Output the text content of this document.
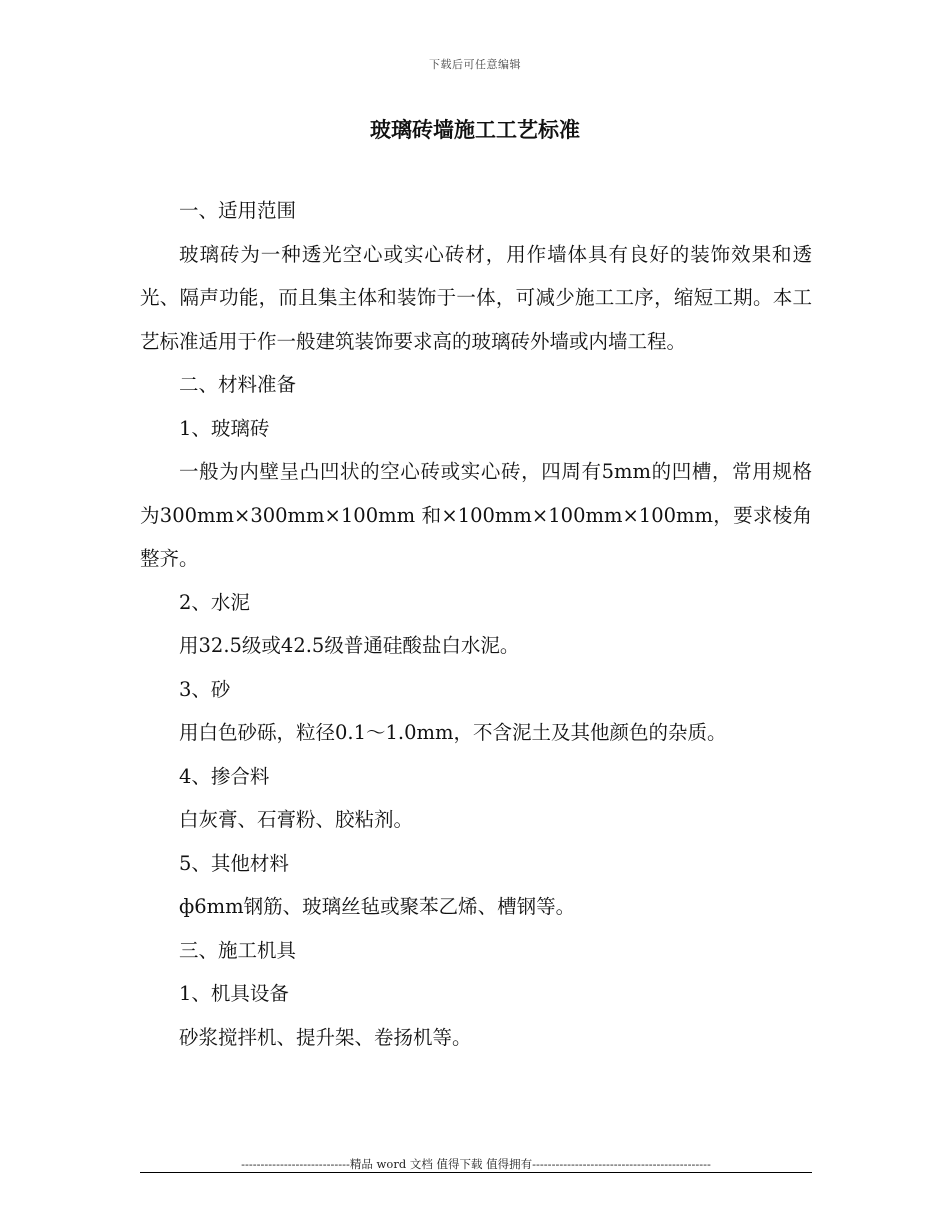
下载后可任意编辑
玻璃砖墙施工工艺标准

一、适用范围

玻璃砖为一种透光空心或实心砖材，用作墙体具有良好的装饰效果和透光、隔声功能，而且集主体和装饰于一体，可减少施工工序，缩短工期。本工艺标准适用于作一般建筑装饰要求高的玻璃砖外墙或内墙工程。

二、材料准备

1、玻璃砖

一般为内壁呈凸凹状的空心砖或实心砖，四周有5mm的凹槽，常用规格为300mm×300mm×100mm 和×100mm×100mm×100mm，要求棱角整齐。

2、水泥

用32.5级或42.5级普通硅酸盐白水泥。

3、砂

用白色砂砾，粒径0.1～1.0mm，不含泥土及其他颜色的杂质。

4、掺合料

白灰膏、石膏粉、胶粘剂。

5、其他材料

ф6mm钢筋、玻璃丝毡或聚苯乙烯、槽钢等。

三、施工机具

1、机具设备

砂浆搅拌机、提升架、卷扬机等。

----------------------------精品 word 文档 值得下载 值得拥有----------------------------------------------
